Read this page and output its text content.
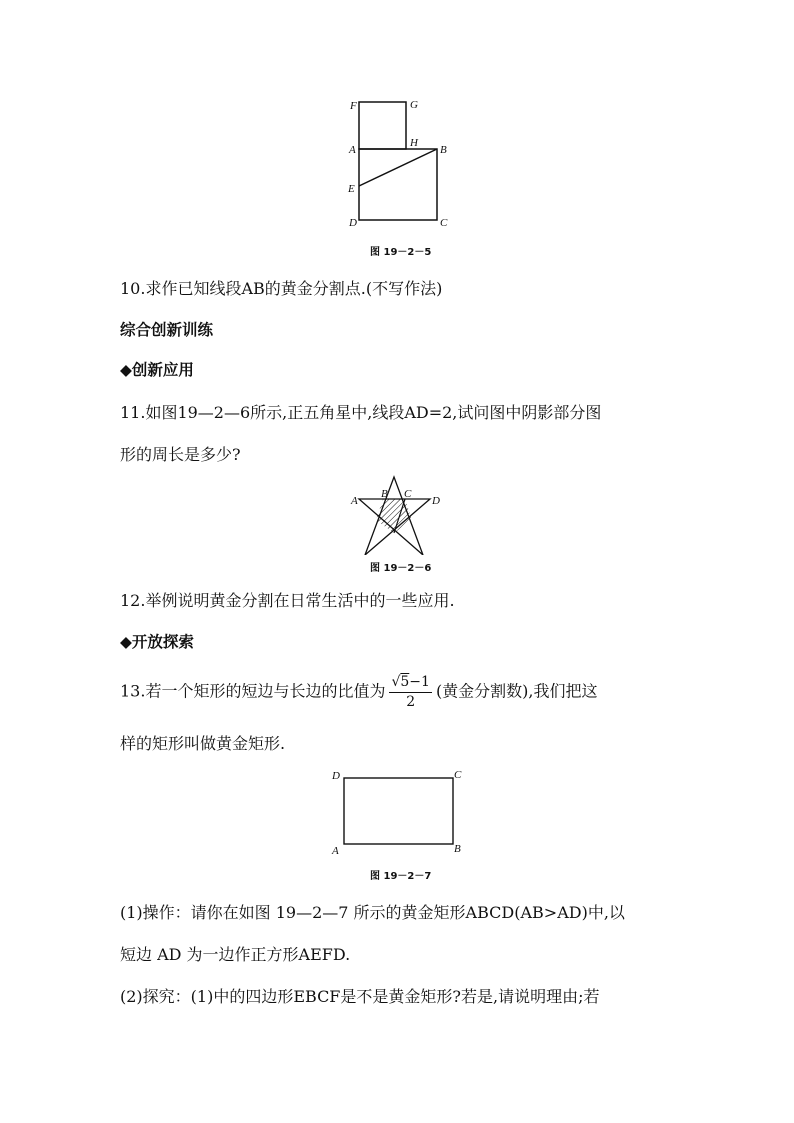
F	G
A
H
B
E
D	C
图 19－2－5
10.求作已知线段AB的黄金分割点.(不写作法)
综合创新训练
◆创新应用
11.如图19—2—6所示,正五角星中,线段AD=2,试问图中阴影部分图
形的周长是多少?
A
B C
D
图 19－2－6
12.举例说明黄金分割在日常生活中的一些应用.
◆开放探索
13.若一个矩形的短边与长边的比值为 $\frac{√5-1}{2}$ (黄金分割数),我们把这
样的矩形叫做黄金矩形.
D	C
A	B
图 19－2－7
(1)操作：请你在如图 19—2—7 所示的黄金矩形ABCD(AB>AD)中,以
短边 AD 为一边作正方形AEFD.
(2)探究：(1)中的四边形EBCF是不是黄金矩形?若是,请说明理由;若
